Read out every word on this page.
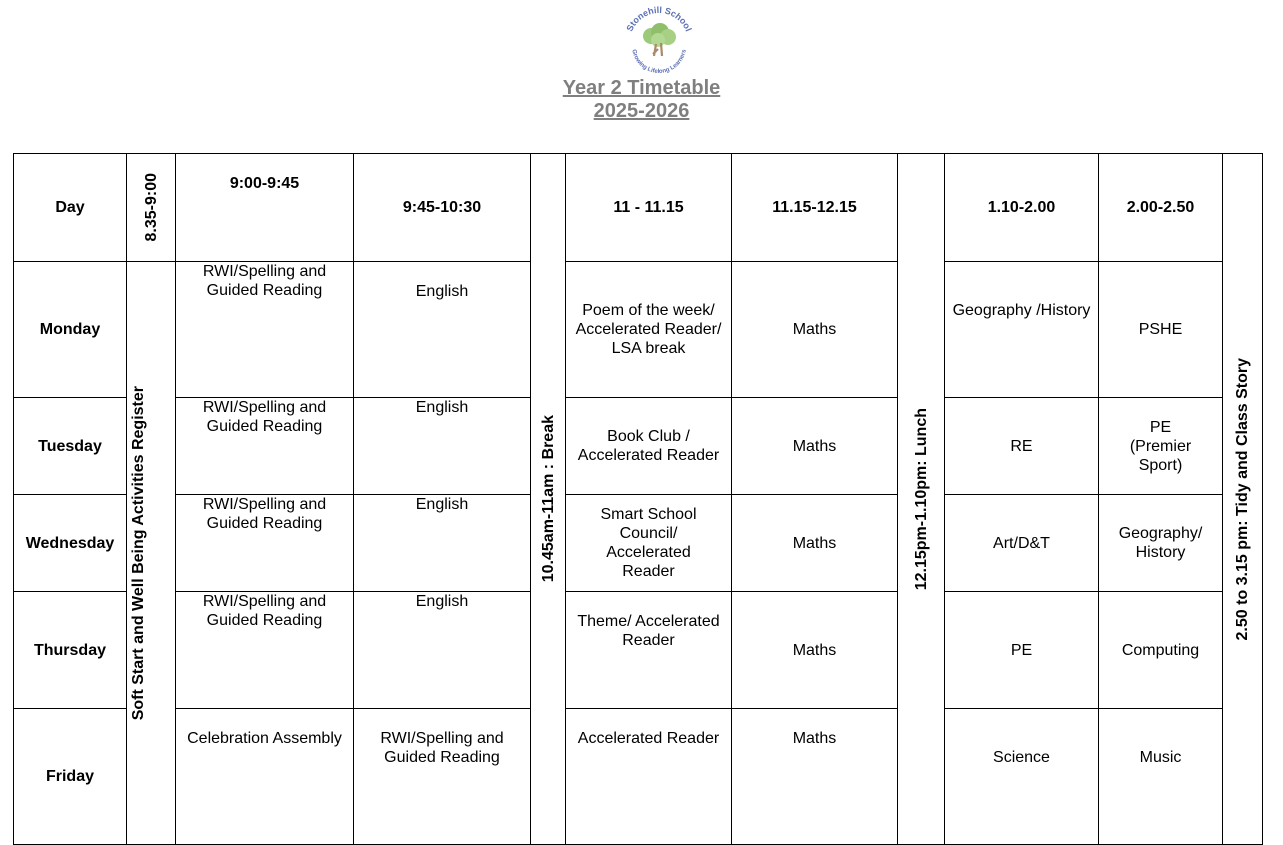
Stonehill School
Growing Lifelong Learners
Year 2 Timetable
2025-2026
Day	8.35-9:00	9:00-9:45	9:45-10:30	10.45am-11am : Break	11 - 11.15	11.15-12.15	12.15pm-1.10pm: Lunch	1.10-2.00	2.00-2.50	2.50 to 3.15 pm: Tidy and Class Story

Monday	Soft Start and Well Being Activities Register	RWI/Spelling and Guided Reading	English		Poem of the week/ Accelerated Reader/ LSA break	Maths		Geography /History	PSHE	
Tuesday		RWI/Spelling and Guided Reading	English		Book Club / Accelerated Reader	Maths		RE	PE (Premier Sport)	
Wednesday		RWI/Spelling and Guided Reading	English		Smart School Council/ Accelerated Reader	Maths		Art/D&T	Geography/ History	
Thursday		RWI/Spelling and Guided Reading	English		Theme/ Accelerated Reader	Maths		PE	Computing	
Friday		Celebration Assembly	RWI/Spelling and Guided Reading		Accelerated Reader	Maths		Science	Music	
